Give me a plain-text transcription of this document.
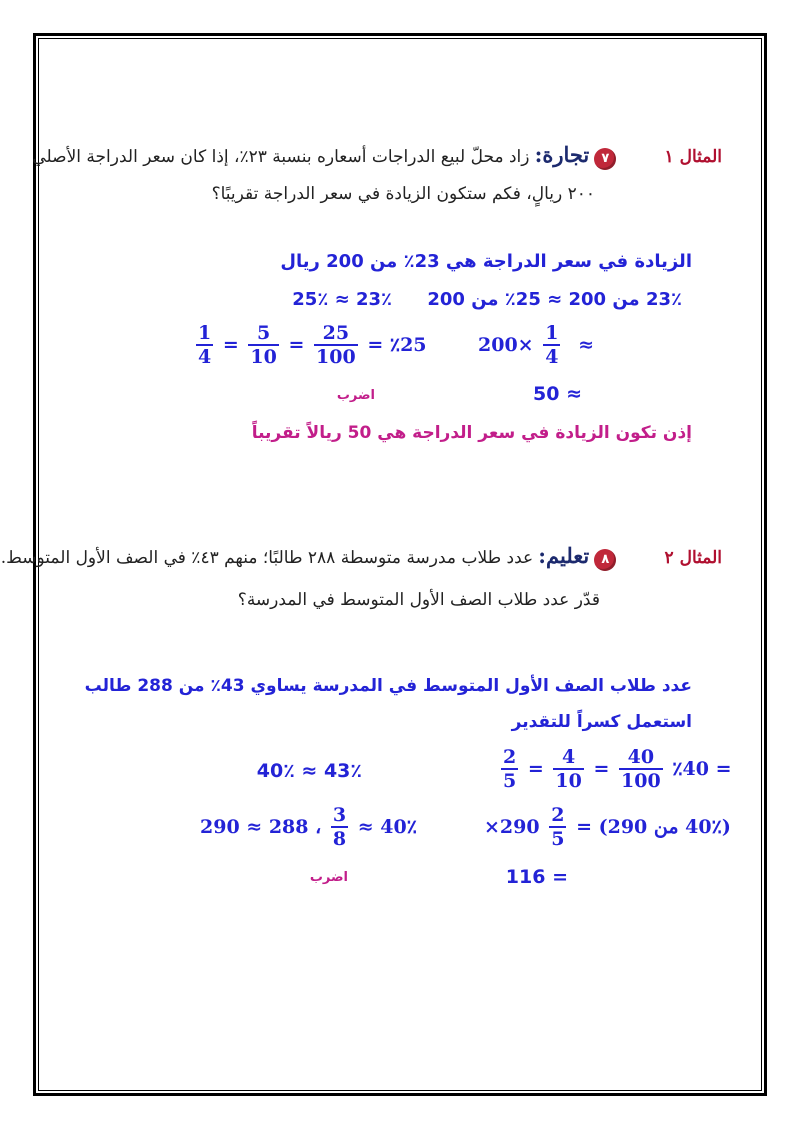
المثال ١  ٧ تجارة: زاد محلّ لبيع الدراجات أسعاره بنسبة ٢٣٪، إذا كان سعر الدراجة الأصلي
٢٠٠ ريالٍ، فكم ستكون الزيادة في سعر الدراجة تقريبًا؟
الزيادة في سعر الدراجة هي 23٪ من 200 ريال
23٪ من 200 ≈ 25٪ من 200
23٪ ≈ 25٪
$\frac{1}{4} = \frac{5}{10} = \frac{25}{100}$ ٪25 =	$\times 200 \frac{1}{4}$ ≈
≈ 50
اضرب
إذن تكون الزيادة في سعر الدراجة هي 50 ريالاً تقريباً
المثال ٢  ٨ تعليم: عدد طلاب مدرسة متوسطة ٢٨٨ طالبًا؛ منهم ٤٣٪ في الصف الأول المتوسط.
قدّر عدد طلاب الصف الأول المتوسط في المدرسة؟
عدد طلاب الصف الأول المتوسط في المدرسة يساوي 43٪ من 288 طالب
استعمل كسراً للتقدير
$\frac{2}{5} = \frac{4}{10} = \frac{40}{100}$ = ٪40
43٪ ≈ 40٪
$290\times \frac{2}{5}$ (40٪ من 290) =
، $288 \approx 290 \frac{3}{8}$ 40٪ ≈
= 116
اضرب
